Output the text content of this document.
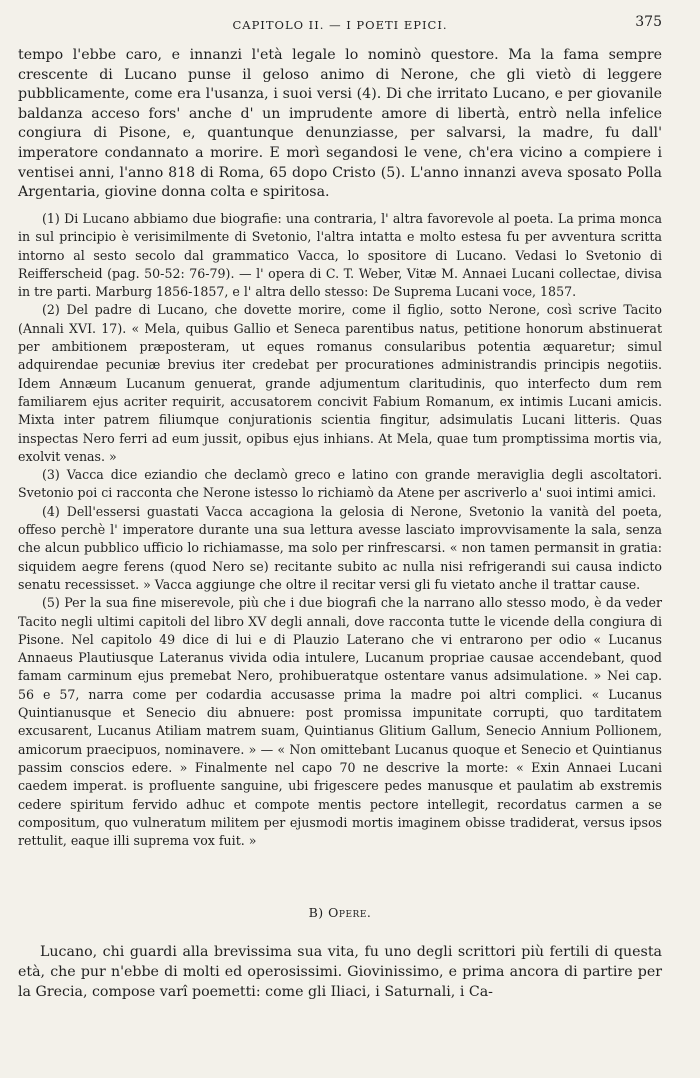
CAPITOLO II. — I POETI EPICI.	375

tempo l'ebbe caro, e innanzi l'età legale lo nominò questore. Ma la fama sempre crescente di Lucano punse il geloso animo di Nerone, che gli vietò di leggere pubblicamente, come era l'usanza, i suoi versi (4). Di che irritato Lucano, e per giovanile baldanza acceso fors' anche d' un imprudente amore di libertà, entrò nella infelice congiura di Pisone, e, quantunque denunziasse, per salvarsi, la madre, fu dall' imperatore condannato a morire. E morì segandosi le vene, ch'era vicino a compiere i ventisei anni, l'anno 818 di Roma, 65 dopo Cristo (5). L'anno innanzi aveva sposato Polla Argentaria, giovine donna colta e spiritosa.

(1) Di Lucano abbiamo due biografie: una contraria, l' altra favorevole al poeta. La prima monca in sul principio è verisimilmente di Svetonio, l'altra intatta e molto estesa fu per avventura scritta intorno al sesto secolo dal grammatico Vacca, lo spositore di Lucano. Vedasi lo Svetonio di Reifferscheid (pag. 50-52: 76-79). — l' opera di C. T. Weber, Vitæ M. Annaei Lucani collectae, divisa in tre parti. Marburg 1856-1857, e l' altra dello stesso: De Suprema Lucani voce, 1857.

(2) Del padre di Lucano, che dovette morire, come il figlio, sotto Nerone, così scrive Tacito (Annali XVI. 17). « Mela, quibus Gallio et Seneca parentibus natus, petitione honorum abstinuerat per ambitionem præposteram, ut eques romanus consularibus potentia æquaretur; simul adquirendae pecuniæ brevius iter credebat per procurationes administrandis principis negotiis. Idem Annæum Lucanum genuerat, grande adjumentum claritudinis, quo interfecto dum rem familiarem ejus acriter requirit, accusatorem concivit Fabium Romanum, ex intimis Lucani amicis. Mixta inter patrem filiumque conjurationis scientia fingitur, adsimulatis Lucani litteris. Quas inspectas Nero ferri ad eum jussit, opibus ejus inhians. At Mela, quae tum promptissima mortis via, exolvit venas. »

(3) Vacca dice eziandio che declamò greco e latino con grande meraviglia degli ascoltatori. Svetonio poi ci racconta che Nerone istesso lo richiamò da Atene per ascriverlo a' suoi intimi amici.

(4) Dell'essersi guastati Vacca accagiona la gelosia di Nerone, Svetonio la vanità del poeta, offeso perchè l' imperatore durante una sua lettura avesse lasciato improvvisamente la sala, senza che alcun pubblico ufficio lo richiamasse, ma solo per rinfrescarsi. « non tamen permansit in gratia: siquidem aegre ferens (quod Nero se) recitante subito ac nulla nisi refrigerandi sui causa indicto senatu recessisset. » Vacca aggiunge che oltre il recitar versi gli fu vietato anche il trattar cause.

(5) Per la sua fine miserevole, più che i due biografi che la narrano allo stesso modo, è da veder Tacito negli ultimi capitoli del libro XV degli annali, dove racconta tutte le vicende della congiura di Pisone. Nel capitolo 49 dice di lui e di Plauzio Laterano che vi entrarono per odio « Lucanus Annaeus Plautiusque Lateranus vivida odia intulere, Lucanum propriae causae accendebant, quod famam carminum ejus premebat Nero, prohibueratque ostentare vanus adsimulatione. » Nei cap. 56 e 57, narra come per codardia accusasse prima la madre poi altri complici. « Lucanus Quintianusque et Senecio diu abnuere: post promissa impunitate corrupti, quo tarditatem excusarent, Lucanus Atiliam matrem suam, Quintianus Glitium Gallum, Senecio Annium Pollionem, amicorum praecipuos, nominavere. » — « Non omittebant Lucanus quoque et Senecio et Quintianus passim conscios edere. » Finalmente nel capo 70 ne descrive la morte: « Exin Annaei Lucani caedem imperat. is profluente sanguine, ubi frigescere pedes manusque et paulatim ab exstremis cedere spiritum fervido adhuc et compote mentis pectore intellegit, recordatus carmen a se compositum, quo vulneratum militem per ejusmodi mortis imaginem obisse tradiderat, versus ipsos rettulit, eaque illi suprema vox fuit. »

B) Opere.

Lucano, chi guardi alla brevissima sua vita, fu uno degli scrittori più fertili di questa età, che pur n'ebbe di molti ed operosissimi. Giovinissimo, e prima ancora di partire per la Grecia, compose varî poemetti: come gli Iliaci, i Saturnali, i Ca-
